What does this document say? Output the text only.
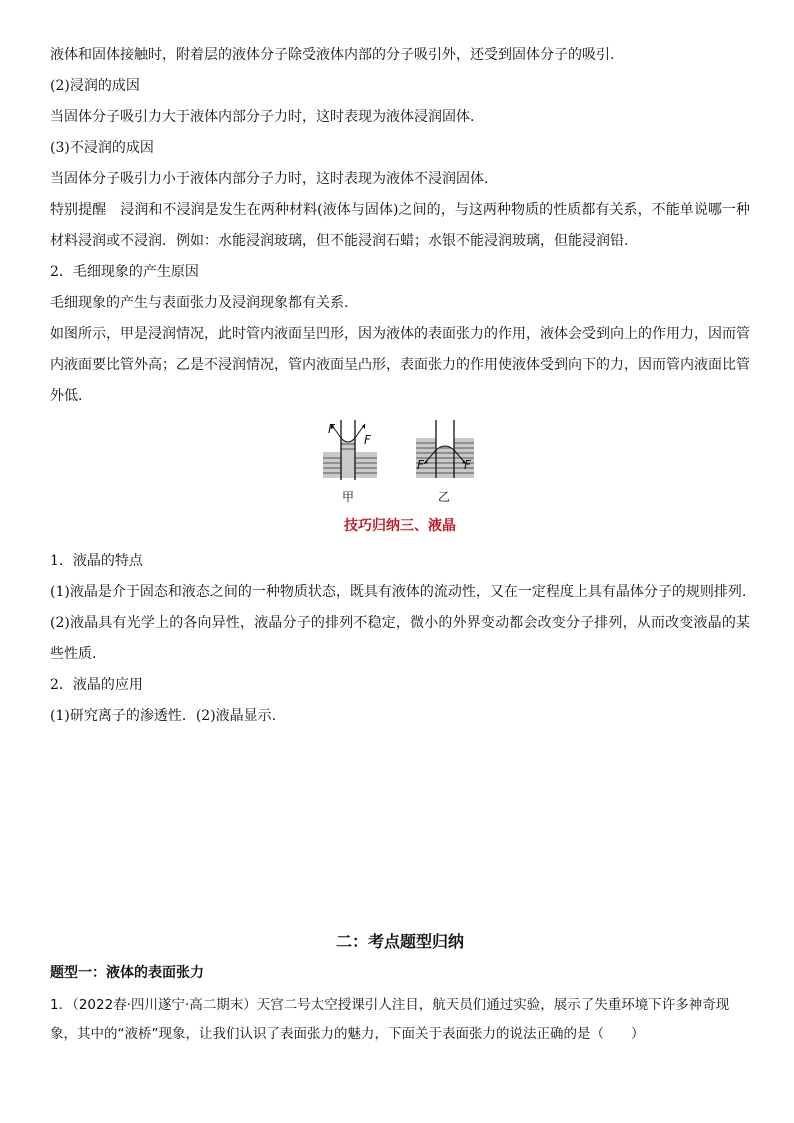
液体和固体接触时，附着层的液体分子除受液体内部的分子吸引外，还受到固体分子的吸引.

(2)浸润的成因

当固体分子吸引力大于液体内部分子力时，这时表现为液体浸润固体.

(3)不浸润的成因

当固体分子吸引力小于液体内部分子力时，这时表现为液体不浸润固体.

特别提醒　浸润和不浸润是发生在两种材料(液体与固体)之间的，与这两种物质的性质都有关系，不能单说哪一种材料浸润或不浸润．例如：水能浸润玻璃，但不能浸润石蜡；水银不能浸润玻璃，但能浸润铅.

2．毛细现象的产生原因

毛细现象的产生与表面张力及浸润现象都有关系.

如图所示，甲是浸润情况，此时管内液面呈凹形，因为液体的表面张力的作用，液体会受到向上的作用力，因而管内液面要比管外高；乙是不浸润情况，管内液面呈凸形，表面张力的作用使液体受到向下的力，因而管内液面比管外低.

F
F
甲
F	F
乙
技巧归纳三、液晶

1．液晶的特点

(1)液晶是介于固态和液态之间的一种物质状态，既具有液体的流动性，又在一定程度上具有晶体分子的规则排列.

(2)液晶具有光学上的各向异性，液晶分子的排列不稳定，微小的外界变动都会改变分子排列，从而改变液晶的某些性质.

2．液晶的应用

(1)研究离子的渗透性．(2)液晶显示.

二：考点题型归纳
题型一：液体的表面张力
1．（2022春·四川遂宁·高二期末）天宫二号太空授课引人注目，航天员们通过实验，展示了失重环境下许多神奇现象，其中的“液桥”现象，让我们认识了表面张力的魅力，下面关于表面张力的说法正确的是（　　）
